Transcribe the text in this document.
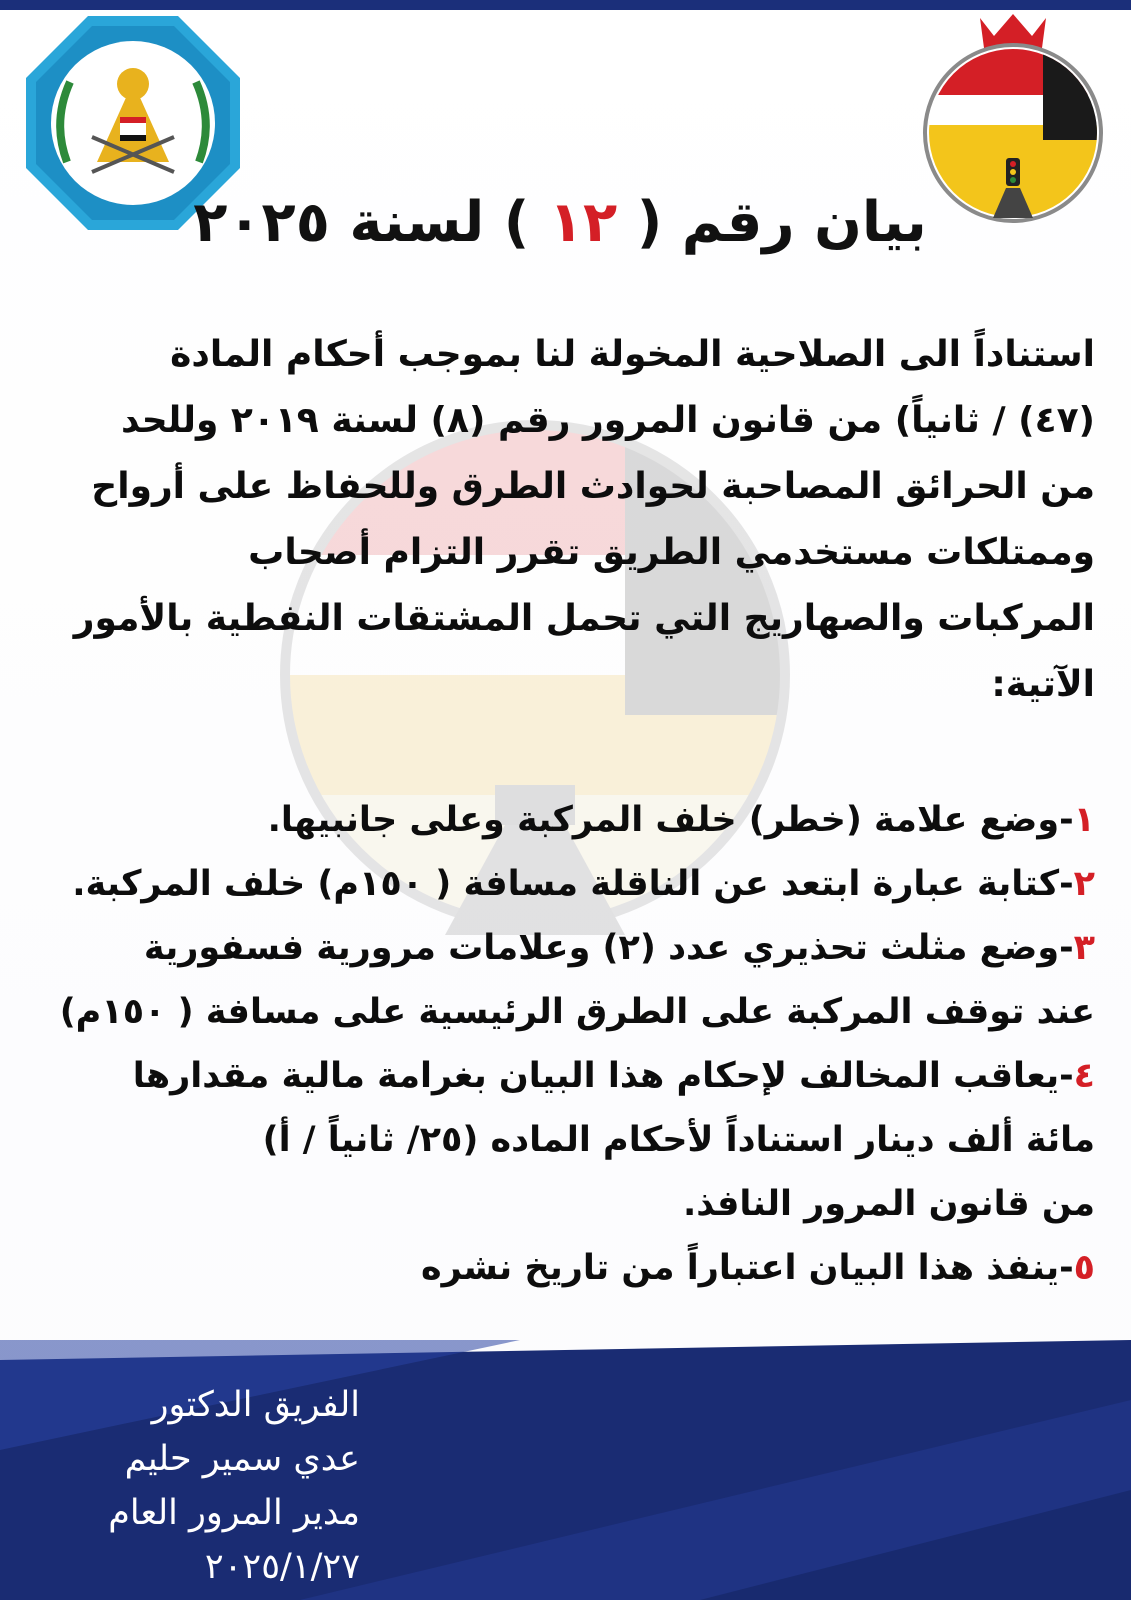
بيان رقم ( ١٢ ) لسنة ٢٠٢٥
استناداً الى الصلاحية المخولة لنا بموجب أحكام المادة
(٤٧) / ثانياً) من قانون المرور رقم (٨) لسنة ٢٠١٩ وللحد
من الحرائق المصاحبة لحوادث الطرق وللحفاظ على أرواح
وممتلكات مستخدمي الطريق تقرر التزام أصحاب
المركبات والصهاريج التي تحمل المشتقات النفطية بالأمور
الآتية:
١-وضع علامة (خطر) خلف المركبة وعلى جانبيها.
٢-كتابة عبارة ابتعد عن الناقلة مسافة ( ١٥٠م) خلف المركبة.
٣-وضع مثلث تحذيري عدد (٢) وعلامات مرورية فسفورية
عند توقف المركبة على الطرق الرئيسية على مسافة ( ١٥٠م)
٤-يعاقب المخالف لإحكام هذا البيان بغرامة مالية مقدارها
مائة ألف دينار استناداً لأحكام الماده (٢٥/ ثانياً / أ)
من قانون المرور النافذ.
٥-ينفذ هذا البيان اعتباراً من تاريخ نشره
الفريق الدكتور
عدي سمير حليم
مدير المرور العام
٢٠٢٥/١/٢٧
